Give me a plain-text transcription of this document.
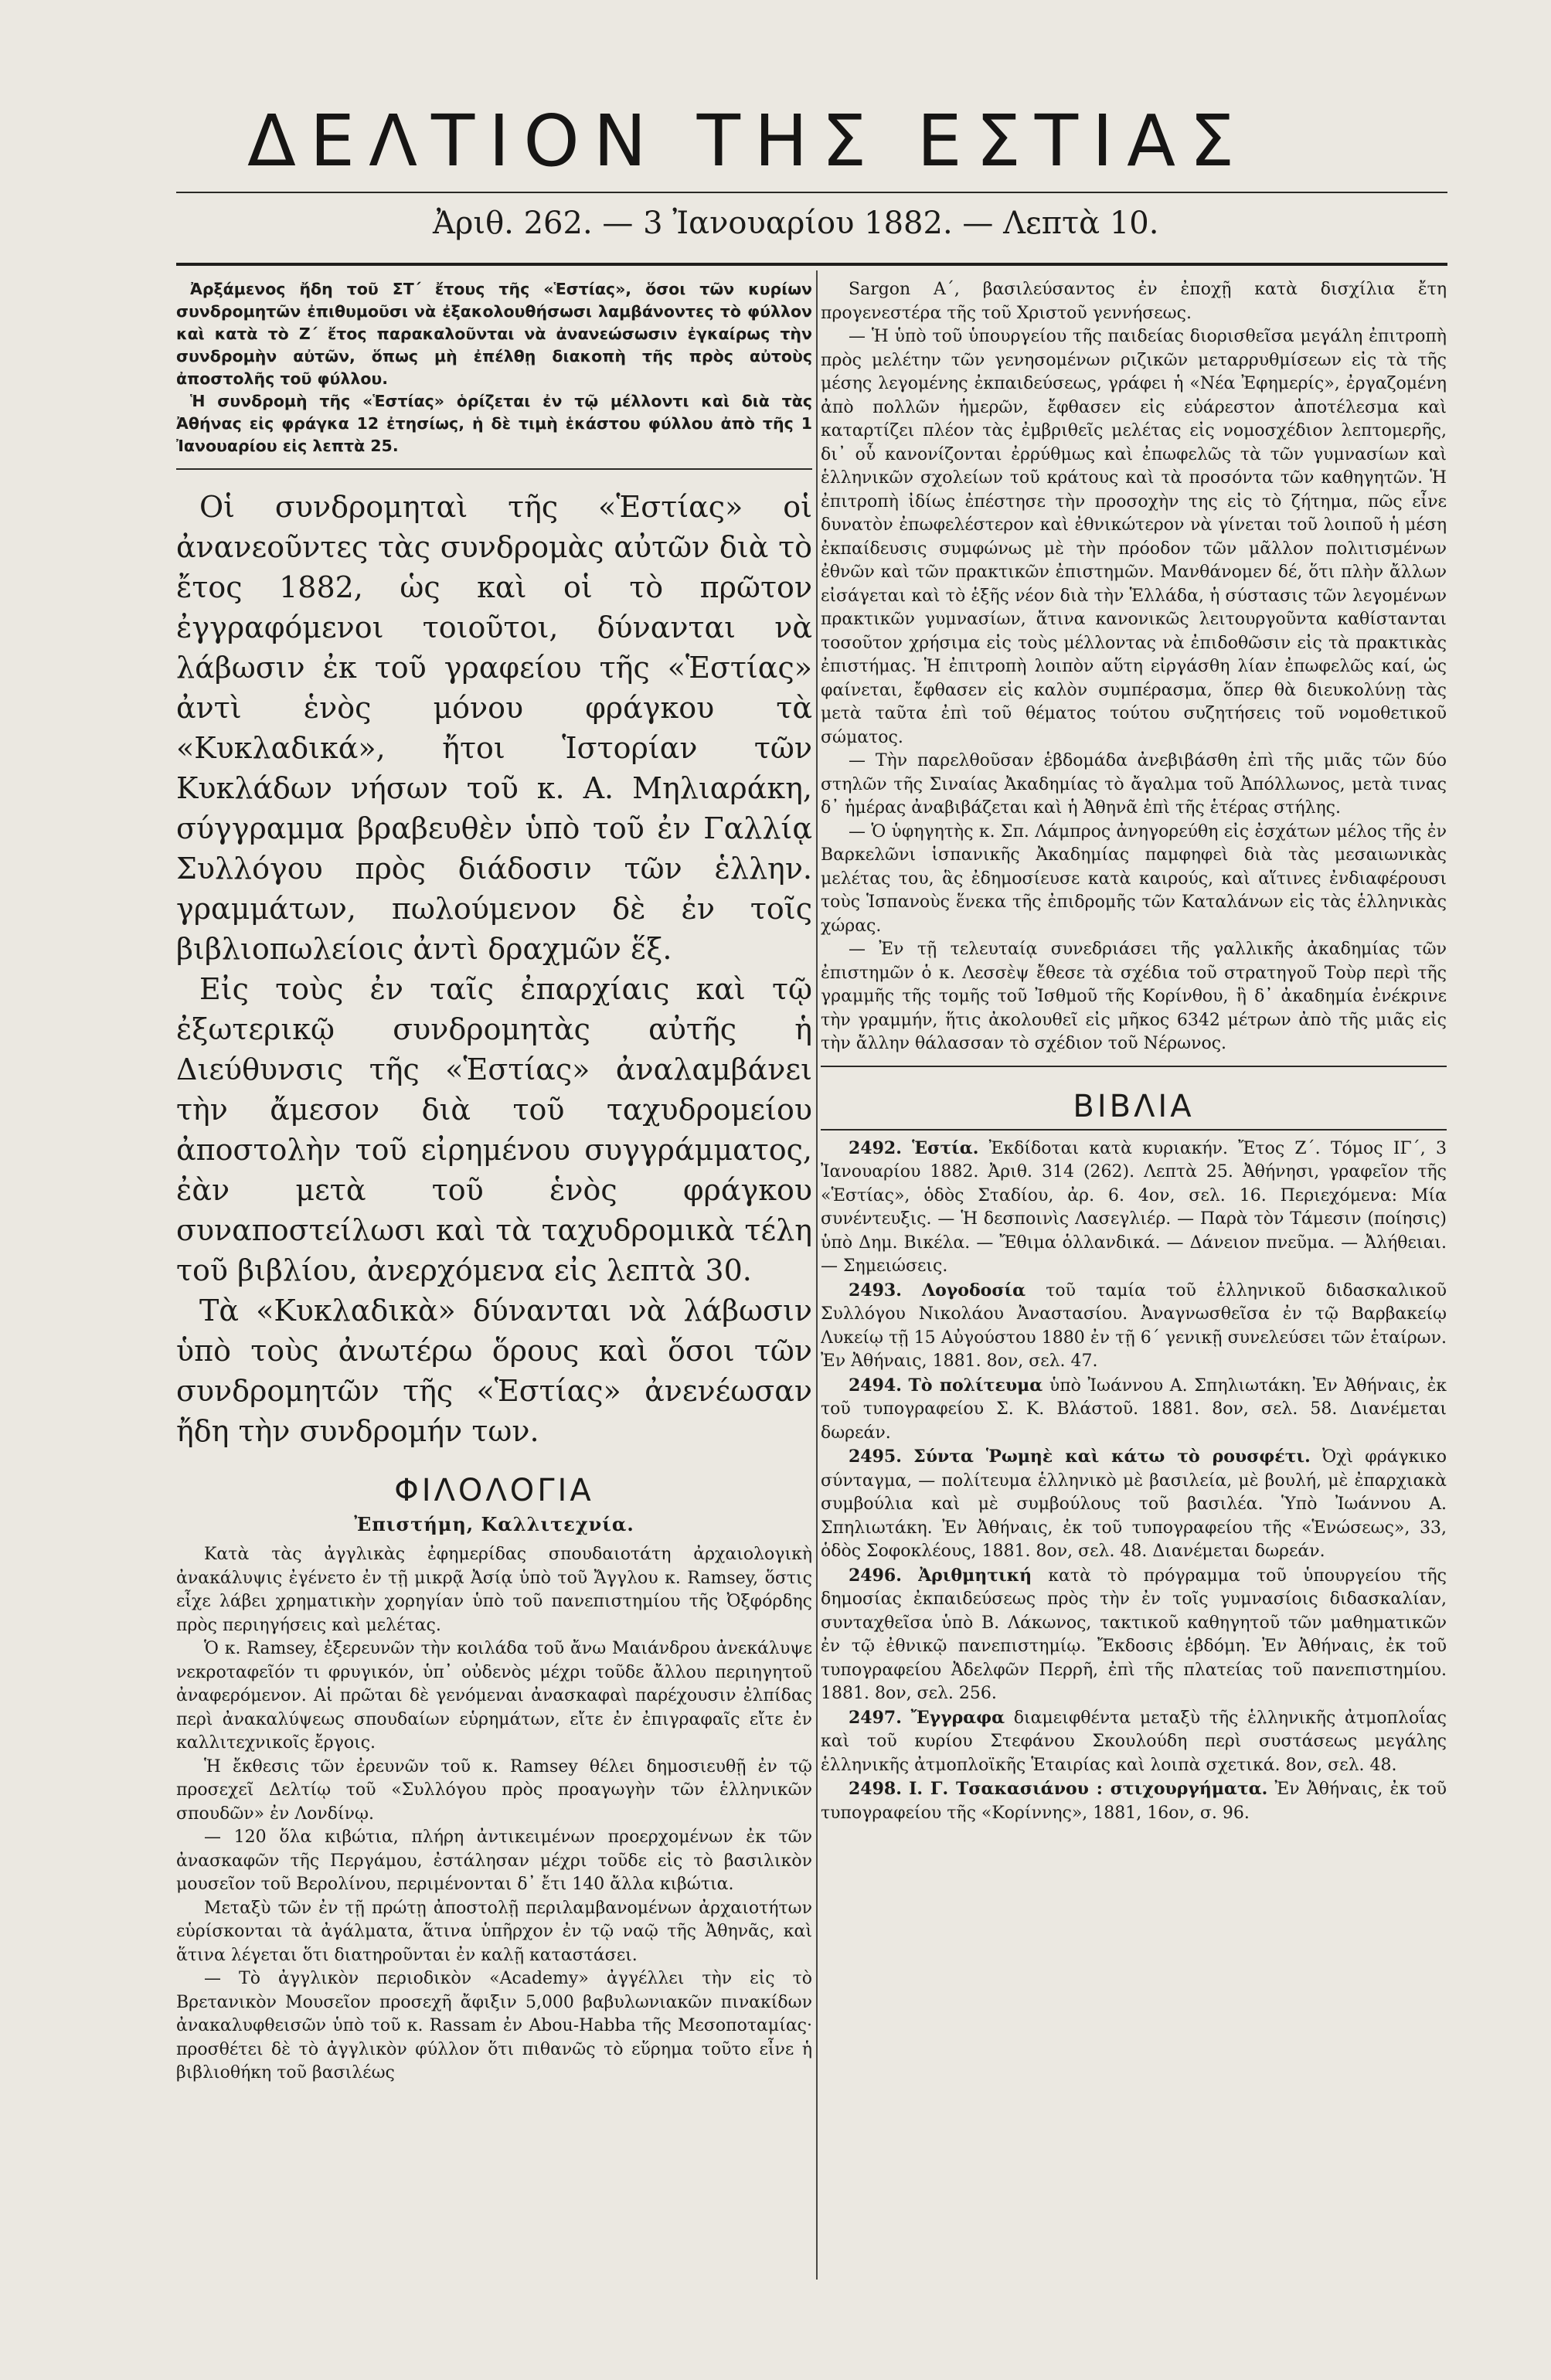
ΔΕΛΤΙΟΝ ΤΗΣ ΕΣΤΙΑΣ
Ἀριθ. 262. — 3 Ἰανουαρίου 1882. — Λεπτὰ 10.

Ἀρξάμενος ἤδη τοῦ ΣΤ΄ ἔτους τῆς «Ἑστίας», ὅσοι τῶν κυρίων συνδρομητῶν ἐπιθυμοῦσι νὰ ἐξακολουθήσωσι λαμβάνοντες τὸ φύλλον καὶ κατὰ τὸ Ζ΄ ἔτος παρακαλοῦνται νὰ ἀνανεώσωσιν ἐγκαίρως τὴν συνδρομὴν αὐτῶν, ὅπως μὴ ἐπέλθῃ διακοπὴ τῆς πρὸς αὐτοὺς ἀποστολῆς τοῦ φύλλου.

Ἡ συνδρομὴ τῆς «Ἑστίας» ὁρίζεται ἐν τῷ μέλλοντι καὶ διὰ τὰς Ἀθήνας εἰς φράγκα 12 ἐτησίως, ἡ δὲ τιμὴ ἑκάστου φύλλου ἀπὸ τῆς 1 Ἰανουαρίου εἰς λεπτὰ 25.

Οἱ συνδρομηταὶ τῆς «Ἑστίας» οἱ ἀνανεοῦντες τὰς συνδρομὰς αὐτῶν διὰ τὸ ἔτος 1882, ὡς καὶ οἱ τὸ πρῶτον ἐγγραφόμενοι τοιοῦτοι, δύνανται νὰ λάβωσιν ἐκ τοῦ γραφείου τῆς «Ἑστίας» ἀντὶ ἑνὸς μόνου φράγκου τὰ «Κυκλαδικά», ἤτοι Ἱστορίαν τῶν Κυκλάδων νήσων τοῦ κ. Α. Μηλιαράκη, σύγγραμμα βραβευθὲν ὑπὸ τοῦ ἐν Γαλλίᾳ Συλλόγου πρὸς διάδοσιν τῶν ἑλλην. γραμμάτων, πωλούμενον δὲ ἐν τοῖς βιβλιοπωλείοις ἀντὶ δραχμῶν ἕξ.

Εἰς τοὺς ἐν ταῖς ἐπαρχίαις καὶ τῷ ἐξωτερικῷ συνδρομητὰς αὐτῆς ἡ Διεύθυνσις τῆς «Ἑστίας» ἀναλαμβάνει τὴν ἄμεσον διὰ τοῦ ταχυδρομείου ἀποστολὴν τοῦ εἰρημένου συγγράμματος, ἐὰν μετὰ τοῦ ἑνὸς φράγκου συναποστείλωσι καὶ τὰ ταχυδρομικὰ τέλη τοῦ βιβλίου, ἀνερχόμενα εἰς λεπτὰ 30.

Τὰ «Κυκλαδικὰ» δύνανται νὰ λάβωσιν ὑπὸ τοὺς ἀνωτέρω ὅρους καὶ ὅσοι τῶν συνδρομητῶν τῆς «Ἑστίας» ἀνενέωσαν ἤδη τὴν συνδρομήν των.

ΦΙΛΟΛΟΓΙΑ
Ἐπιστήμη, Καλλιτεχνία.

Κατὰ τὰς ἀγγλικὰς ἐφημερίδας σπουδαιοτάτη ἀρχαιολογικὴ ἀνακάλυψις ἐγένετο ἐν τῇ μικρᾷ Ἀσίᾳ ὑπὸ τοῦ Ἄγγλου κ. Ramsey, ὅστις εἶχε λάβει χρηματικὴν χορηγίαν ὑπὸ τοῦ πανεπιστημίου τῆς Ὀξφόρδης πρὸς περιηγήσεις καὶ μελέτας.

Ὁ κ. Ramsey, ἐξερευνῶν τὴν κοιλάδα τοῦ ἄνω Μαιάνδρου ἀνεκάλυψε νεκροταφεῖόν τι φρυγικόν, ὑπ᾽ οὐδενὸς μέχρι τοῦδε ἄλλου περιηγητοῦ ἀναφερόμενον. Αἱ πρῶται δὲ γενόμεναι ἀνασκαφαὶ παρέχουσιν ἐλπίδας περὶ ἀνακαλύψεως σπουδαίων εὑρημάτων, εἴτε ἐν ἐπιγραφαῖς εἴτε ἐν καλλιτεχνικοῖς ἔργοις.

Ἡ ἔκθεσις τῶν ἐρευνῶν τοῦ κ. Ramsey θέλει δημοσιευθῇ ἐν τῷ προσεχεῖ Δελτίῳ τοῦ «Συλλόγου πρὸς προαγωγὴν τῶν ἑλληνικῶν σπουδῶν» ἐν Λονδίνῳ.

— 120 ὅλα κιβώτια, πλήρη ἀντικειμένων προερχομένων ἐκ τῶν ἀνασκαφῶν τῆς Περγάμου, ἐστάλησαν μέχρι τοῦδε εἰς τὸ βασιλικὸν μουσεῖον τοῦ Βερολίνου, περιμένονται δ᾽ ἔτι 140 ἄλλα κιβώτια.

Μεταξὺ τῶν ἐν τῇ πρώτῃ ἀποστολῇ περιλαμβανομένων ἀρχαιοτήτων εὑρίσκονται τὰ ἀγάλματα, ἅτινα ὑπῆρχον ἐν τῷ ναῷ τῆς Ἀθηνᾶς, καὶ ἅτινα λέγεται ὅτι διατηροῦνται ἐν καλῇ καταστάσει.

— Τὸ ἀγγλικὸν περιοδικὸν «Academy» ἀγγέλλει τὴν εἰς τὸ Βρετανικὸν Μουσεῖον προσεχῆ ἄφιξιν 5,000 βαβυλωνιακῶν πινακίδων ἀνακαλυφθεισῶν ὑπὸ τοῦ κ. Rassam ἐν Abou-Habba τῆς Μεσοποταμίας· προσθέτει δὲ τὸ ἀγγλικὸν φύλλον ὅτι πιθανῶς τὸ εὕρημα τοῦτο εἶνε ἡ βιβλιοθήκη τοῦ βασιλέως

Sargon Α΄, βασιλεύσαντος ἐν ἐποχῇ κατὰ δισχίλια ἔτη προγενεστέρα τῆς τοῦ Χριστοῦ γεννήσεως.

— Ἡ ὑπὸ τοῦ ὑπουργείου τῆς παιδείας διορισθεῖσα μεγάλη ἐπιτροπὴ πρὸς μελέτην τῶν γενησομένων ριζικῶν μεταρρυθμίσεων εἰς τὰ τῆς μέσης λεγομένης ἐκπαιδεύσεως, γράφει ἡ «Νέα Ἐφημερίς», ἐργαζομένη ἀπὸ πολλῶν ἡμερῶν, ἔφθασεν εἰς εὐάρεστον ἀποτέλεσμα καὶ καταρτίζει πλέον τὰς ἐμβριθεῖς μελέτας εἰς νομοσχέδιον λεπτομερῆς, δι᾽ οὗ κανονίζονται ἐρρύθμως καὶ ἐπωφελῶς τὰ τῶν γυμνασίων καὶ ἑλληνικῶν σχολείων τοῦ κράτους καὶ τὰ προσόντα τῶν καθηγητῶν. Ἡ ἐπιτροπὴ ἰδίως ἐπέστησε τὴν προσοχὴν της εἰς τὸ ζήτημα, πῶς εἶνε δυνατὸν ἐπωφελέστερον καὶ ἐθνικώτερον νὰ γίνεται τοῦ λοιποῦ ἡ μέση ἐκπαίδευσις συμφώνως μὲ τὴν πρόοδον τῶν μᾶλλον πολιτισμένων ἐθνῶν καὶ τῶν πρακτικῶν ἐπιστημῶν. Μανθάνομεν δέ, ὅτι πλὴν ἄλλων εἰσάγεται καὶ τὸ ἑξῆς νέον διὰ τὴν Ἑλλάδα, ἡ σύστασις τῶν λεγομένων πρακτικῶν γυμνασίων, ἅτινα κανονικῶς λειτουργοῦντα καθίστανται τοσοῦτον χρήσιμα εἰς τοὺς μέλλοντας νὰ ἐπιδοθῶσιν εἰς τὰ πρακτικὰς ἐπιστήμας. Ἡ ἐπιτροπὴ λοιπὸν αὕτη εἰργάσθη λίαν ἐπωφελῶς καί, ὡς φαίνεται, ἔφθασεν εἰς καλὸν συμπέρασμα, ὅπερ θὰ διευκολύνῃ τὰς μετὰ ταῦτα ἐπὶ τοῦ θέματος τούτου συζητήσεις τοῦ νομοθετικοῦ σώματος.

— Τὴν παρελθοῦσαν ἑβδομάδα ἀνεβιβάσθη ἐπὶ τῆς μιᾶς τῶν δύο στηλῶν τῆς Σιναίας Ἀκαδημίας τὸ ἄγαλμα τοῦ Ἀπόλλωνος, μετὰ τινας δ᾽ ἡμέρας ἀναβιβάζεται καὶ ἡ Ἀθηνᾶ ἐπὶ τῆς ἑτέρας στήλης.

— Ὁ ὑφηγητὴς κ. Σπ. Λάμπρος ἀνηγορεύθη εἰς ἐσχάτων μέλος τῆς ἐν Βαρκελῶνι ἱσπανικῆς Ἀκαδημίας παμφηφεὶ διὰ τὰς μεσαιωνικὰς μελέτας του, ἃς ἐδημοσίευσε κατὰ καιρούς, καὶ αἵτινες ἐνδιαφέρουσι τοὺς Ἱσπανοὺς ἕνεκα τῆς ἐπιδρομῆς τῶν Καταλάνων εἰς τὰς ἑλληνικὰς χώρας.

— Ἐν τῇ τελευταίᾳ συνεδριάσει τῆς γαλλικῆς ἀκαδημίας τῶν ἐπιστημῶν ὁ κ. Λεσσὲψ ἔθεσε τὰ σχέδια τοῦ στρατηγοῦ Τοὺρ περὶ τῆς γραμμῆς τῆς τομῆς τοῦ Ἰσθμοῦ τῆς Κορίνθου, ἣ δ᾽ ἀκαδημία ἐνέκρινε τὴν γραμμήν, ἥτις ἀκολουθεῖ εἰς μῆκος 6342 μέτρων ἀπὸ τῆς μιᾶς εἰς τὴν ἄλλην θάλασσαν τὸ σχέδιον τοῦ Νέρωνος.

ΒΙΒΛΙΑ

2492. Ἑστία. Ἐκδίδοται κατὰ κυριακήν. Ἔτος Ζ΄. Τόμος ΙΓ΄, 3 Ἰανουαρίου 1882. Ἀριθ. 314 (262). Λεπτὰ 25. Ἀθήνησι, γραφεῖον τῆς «Ἑστίας», ὁδὸς Σταδίου, ἀρ. 6. 4ον, σελ. 16. Περιεχόμενα: Μία συνέντευξις. — Ἡ δεσποινὶς Λασεγλιέρ. — Παρὰ τὸν Τάμεσιν (ποίησις) ὑπὸ Δημ. Βικέλα. — Ἔθιμα ὁλλανδικά. — Δάνειον πνεῦμα. — Ἀλήθειαι. — Σημειώσεις.

2493. Λογοδοσία τοῦ ταμία τοῦ ἑλληνικοῦ διδασκαλικοῦ Συλλόγου Νικολάου Ἀναστασίου. Ἀναγνωσθεῖσα ἐν τῷ Βαρβακείῳ Λυκείῳ τῇ 15 Αὐγούστου 1880 ἐν τῇ 6΄ γενικῇ συνελεύσει τῶν ἑταίρων. Ἐν Ἀθήναις, 1881. 8ον, σελ. 47.

2494. Τὸ πολίτευμα ὑπὸ Ἰωάννου Α. Σπηλιωτάκη. Ἐν Ἀθήναις, ἐκ τοῦ τυπογραφείου Σ. Κ. Βλάστοῦ. 1881. 8ον, σελ. 58. Διανέμεται δωρεάν.

2495. Σύντα Ῥωμηὲ καὶ κάτω τὸ ρουσφέτι. Ὀχὶ φράγκικο σύνταγμα, — πολίτευμα ἑλληνικὸ μὲ βασιλεία, μὲ βουλή, μὲ ἐπαρχιακὰ συμβούλια καὶ μὲ συμβούλους τοῦ βασιλέα. Ὑπὸ Ἰωάννου Α. Σπηλιωτάκη. Ἐν Ἀθήναις, ἐκ τοῦ τυπογραφείου τῆς «Ἑνώσεως», 33, ὁδὸς Σοφοκλέους, 1881. 8ον, σελ. 48. Διανέμεται δωρεάν.

2496. Ἀριθμητική κατὰ τὸ πρόγραμμα τοῦ ὑπουργείου τῆς δημοσίας ἐκπαιδεύσεως πρὸς τὴν ἐν τοῖς γυμνασίοις διδασκαλίαν, συνταχθεῖσα ὑπὸ Β. Λάκωνος, τακτικοῦ καθηγητοῦ τῶν μαθηματικῶν ἐν τῷ ἐθνικῷ πανεπιστημίῳ. Ἔκδοσις ἑβδόμη. Ἐν Ἀθήναις, ἐκ τοῦ τυπογραφείου Ἀδελφῶν Περρῆ, ἐπὶ τῆς πλατείας τοῦ πανεπιστημίου. 1881. 8ον, σελ. 256.

2497. Ἔγγραφα διαμειφθέντα μεταξὺ τῆς ἑλληνικῆς ἀτμοπλοΐας καὶ τοῦ κυρίου Στεφάνου Σκουλούδη περὶ συστάσεως μεγάλης ἑλληνικῆς ἀτμοπλοϊκῆς Ἑταιρίας καὶ λοιπὰ σχετικά. 8ον, σελ. 48.

2498. Ι. Γ. Τσακασιάνου : στιχουργήματα. Ἐν Ἀθήναις, ἐκ τοῦ τυπογραφείου τῆς «Κορίννης», 1881, 16ον, σ. 96.
